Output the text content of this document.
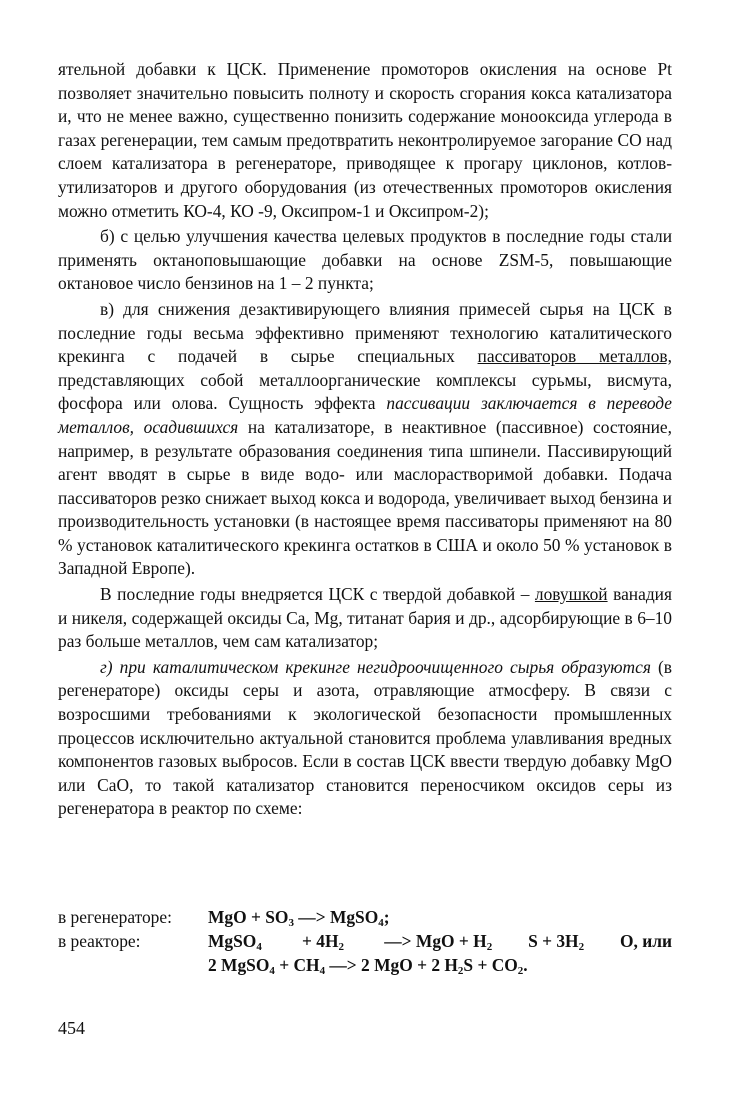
ятельной добавки к ЦСК. Применение промоторов окисления на основе Pt позволяет значительно повысить полноту и скорость сгорания кокса катализатора и, что не менее важно, существенно понизить содержание монооксида углерода в газах регенерации, тем самым предотвратить неконтролируемое загорание СО над слоем катализатора в регенераторе, приводящее к прогару циклонов, котлов-утилизаторов и другого оборудования (из отечественных промоторов окисления можно отметить КО-4, КО -9, Оксипром-1 и Оксипром-2);

б) с целью улучшения качества целевых продуктов в последние годы стали применять октаноповышающие добавки на основе ZSM-5, повышающие октановое число бензинов на 1 – 2 пункта;

в) для снижения дезактивирующего влияния примесей сырья на ЦСК в последние годы весьма эффективно применяют технологию каталитического крекинга с подачей в сырье специальных пассиваторов металлов, представляющих собой металлоорганические комплексы сурьмы, висмута, фосфора или олова. Сущность эффекта пассивации заключается в переводе металлов, осадившихся на катализаторе, в неактивное (пассивное) состояние, например, в результате образования соединения типа шпинели. Пассивирующий агент вводят в сырье в виде водо- или маслорастворимой добавки. Подача пассиваторов резко снижает выход кокса и водорода, увеличивает выход бензина и производительность установки (в настоящее время пассиваторы применяют на 80 % установок каталитического крекинга остатков в США и около 50 % установок в Западной Европе).

В последние годы внедряется ЦСК с твердой добавкой – ловушкой ванадия и никеля, содержащей оксиды Са, Mg, титанат бария и др., адсорбирующие в 6–10 раз больше металлов, чем сам катализатор;

г) при каталитическом крекинге негидроочищенного сырья образуются (в регенераторе) оксиды серы и азота, отравляющие атмосферу. В связи с возросшими требованиями к экологической безопасности промышленных процессов исключительно актуальной становится проблема улавливания вредных компонентов газовых выбросов. Если в состав ЦСК ввести твердую добавку MgO или СаО, то такой катализатор становится переносчиком оксидов серы из регенератора в реактор по схеме:

в регенераторе:	MgO + $SO_3$ —> MgSO$_4$;
в реакторе:	MgSO$_4$ + $4H_2$ —> MgO + $H_2$ $S + 3H_2$ O, или
2 MgSO$_4$ + $CH_4$ —> 2 MgO + 2 $H_2S + CO_2$.
454
